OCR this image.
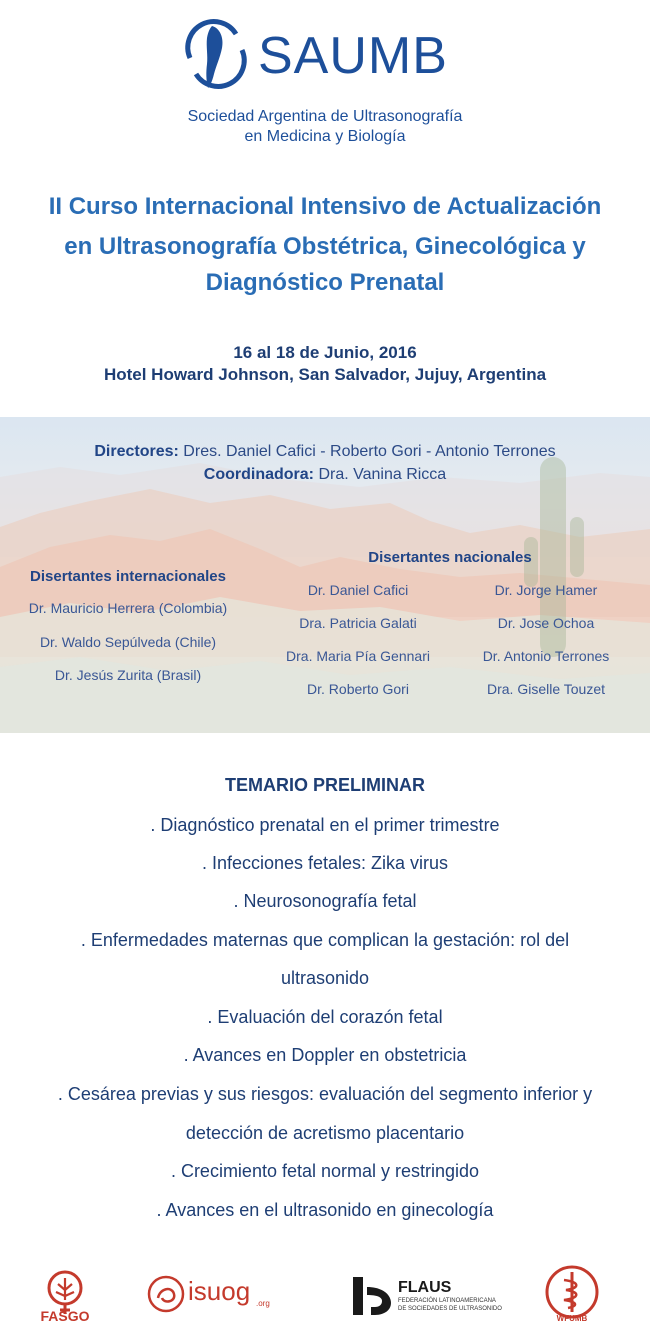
SAUMB
Sociedad Argentina de Ultrasonografía
en Medicina y Biología
II Curso Internacional Intensivo de Actualización
en Ultrasonografía Obstétrica, Ginecológica y
Diagnóstico Prenatal
16 al 18 de Junio, 2016
Hotel Howard Johnson, San Salvador, Jujuy, Argentina
Directores: Dres. Daniel Cafici - Roberto Gori - Antonio Terrones
Coordinadora: Dra. Vanina Ricca
Disertantes internacionales
Dr. Mauricio Herrera (Colombia)
Dr. Waldo Sepúlveda (Chile)
Dr. Jesús Zurita (Brasil)
Disertantes nacionales
Dr. Daniel Cafici
Dra. Patricia Galati
Dra. Maria Pía Gennari
Dr. Roberto Gori
Dr. Jorge Hamer
Dr. Jose Ochoa
Dr. Antonio Terrones
Dra. Giselle Touzet
TEMARIO PRELIMINAR
. Diagnóstico prenatal en el primer trimestre
. Infecciones fetales: Zika virus
. Neurosonografía fetal
. Enfermedades maternas que complican la gestación: rol del
ultrasonido
. Evaluación del corazón fetal
. Avances en Doppler en obstetricia
. Cesárea previas y sus riesgos: evaluación del segmento inferior y
detección de acretismo placentario
. Crecimiento fetal normal y restringido
. Avances en el ultrasonido en ginecología
FASGO
isuog .org
FLAUS
FEDERACIÓN LATINOAMERICANA
DE SOCIEDADES DE ULTRASONIDO
WFUMB
